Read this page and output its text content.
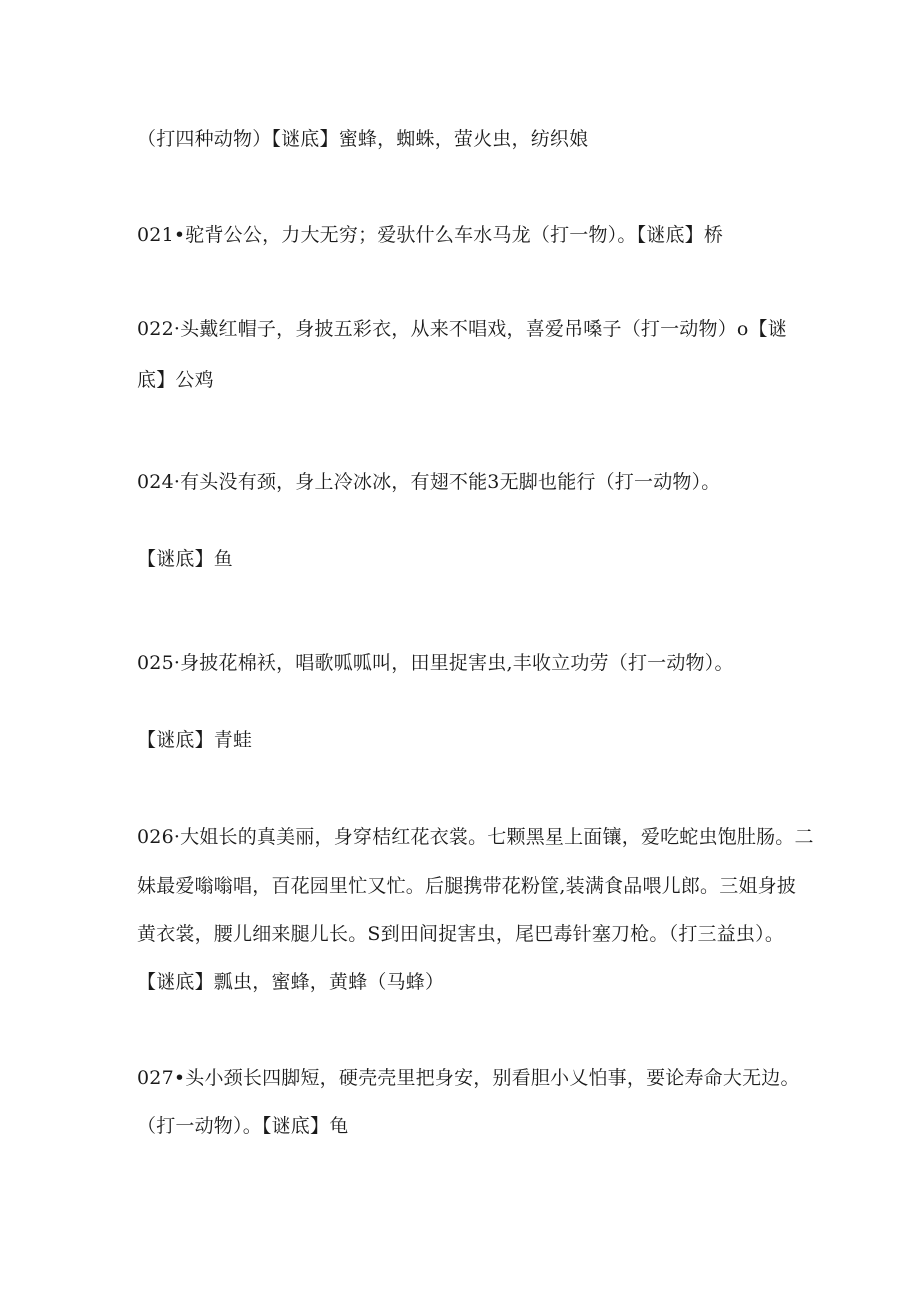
（打四种动物）【谜底】蜜蜂，蜘蛛，萤火虫，纺织娘
021•驼背公公，力大无穷；爱驮什么车水马龙（打一物）。【谜底】桥
022·头戴红帽子，身披五彩衣，从来不唱戏，喜爱吊嗓子（打一动物）o【谜
底】公鸡
024·有头没有颈，身上冷冰冰，有翅不能3无脚也能行（打一动物）。
【谜底】鱼
025·身披花棉袄，唱歌呱呱叫，田里捉害虫,丰收立功劳（打一动物）。
【谜底】青蛙
026·大姐长的真美丽，身穿桔红花衣裳。七颗黑星上面镶，爱吃蛇虫饱肚肠。二
妹最爱嗡嗡唱，百花园里忙又忙。后腿携带花粉筐,装满食品喂儿郎。三姐身披
黄衣裳，腰儿细来腿儿长。S到田间捉害虫，尾巴毒针塞刀枪。（打三益虫）。
【谜底】瓢虫，蜜蜂，黄蜂（马蜂）
027•头小颈长四脚短，硬壳壳里把身安，别看胆小乂怕事，要论寿命大无边。
（打一动物）。【谜底】龟
